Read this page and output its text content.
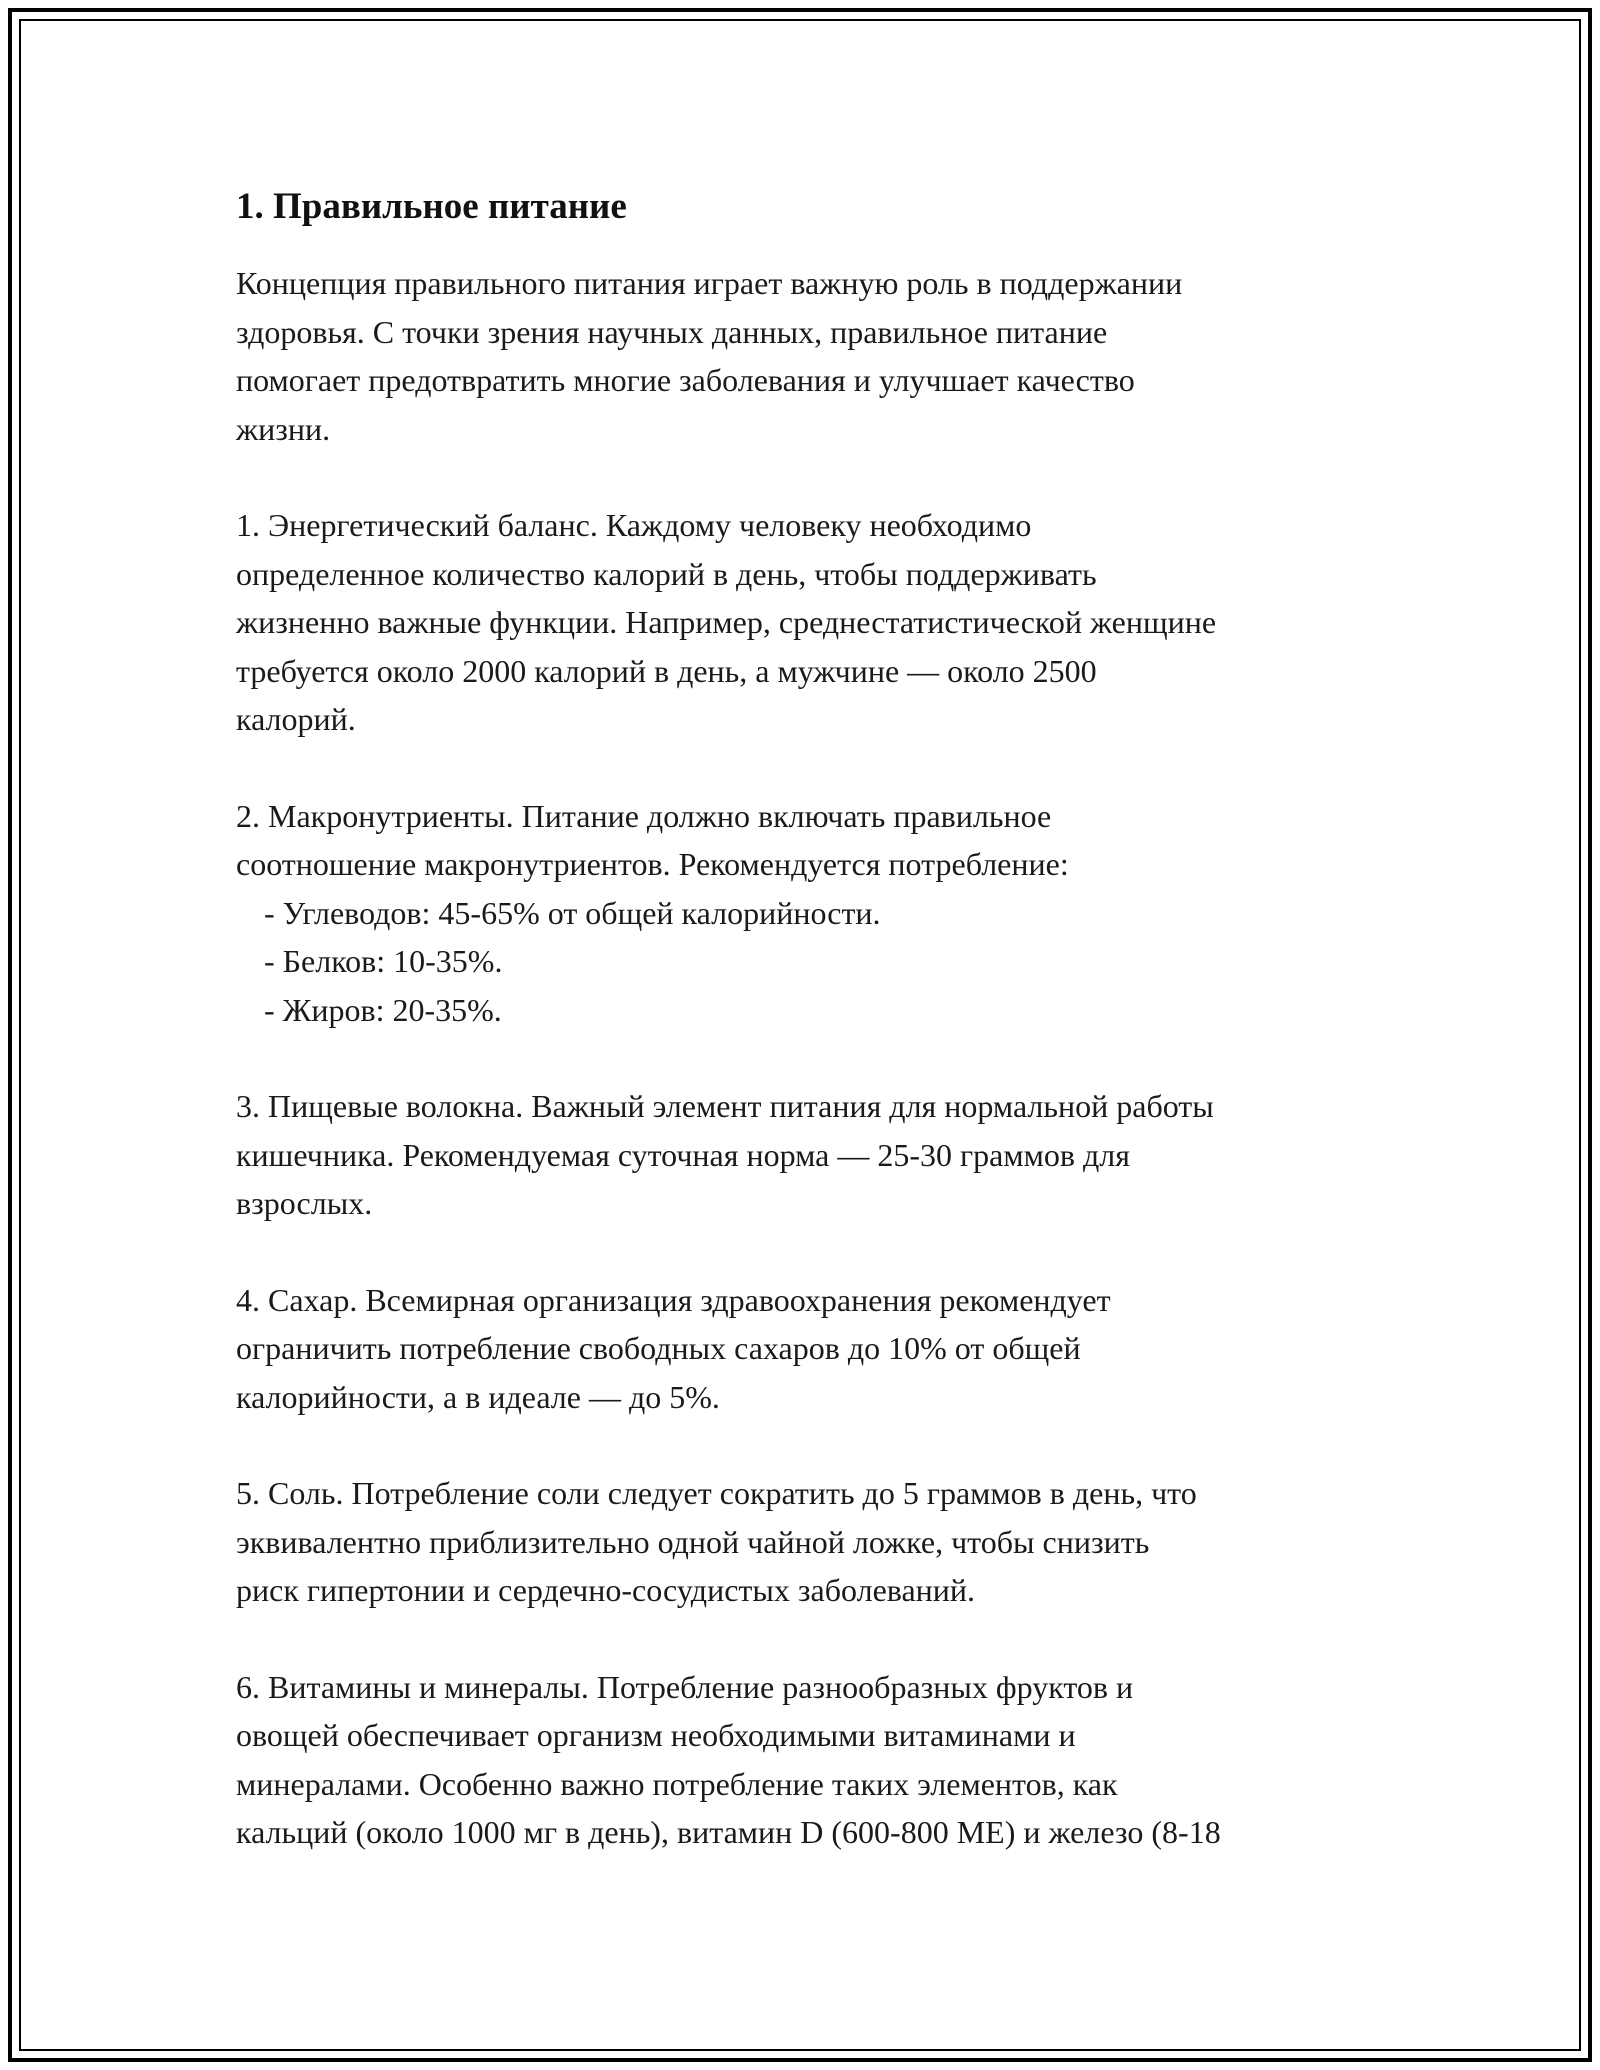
1. Правильное питание

Концепция правильного питания играет важную роль в поддержании
здоровья. С точки зрения научных данных, правильное питание
помогает предотвратить многие заболевания и улучшает качество
жизни.

1. Энергетический баланс. Каждому человеку необходимо
определенное количество калорий в день, чтобы поддерживать
жизненно важные функции. Например, среднестатистической женщине
требуется около 2000 калорий в день, а мужчине — около 2500
калорий.

2. Макронутриенты. Питание должно включать правильное
соотношение макронутриентов. Рекомендуется потребление:
- Углеводов: 45-65% от общей калорийности.
- Белков: 10-35%.
- Жиров: 20-35%.

3. Пищевые волокна. Важный элемент питания для нормальной работы
кишечника. Рекомендуемая суточная норма — 25-30 граммов для
взрослых.

4. Сахар. Всемирная организация здравоохранения рекомендует
ограничить потребление свободных сахаров до 10% от общей
калорийности, а в идеале — до 5%.

5. Соль. Потребление соли следует сократить до 5 граммов в день, что
эквивалентно приблизительно одной чайной ложке, чтобы снизить
риск гипертонии и сердечно-сосудистых заболеваний.

6. Витамины и минералы. Потребление разнообразных фруктов и
овощей обеспечивает организм необходимыми витаминами и
минералами. Особенно важно потребление таких элементов, как
кальций (около 1000 мг в день), витамин D (600-800 МЕ) и железо (8-18
